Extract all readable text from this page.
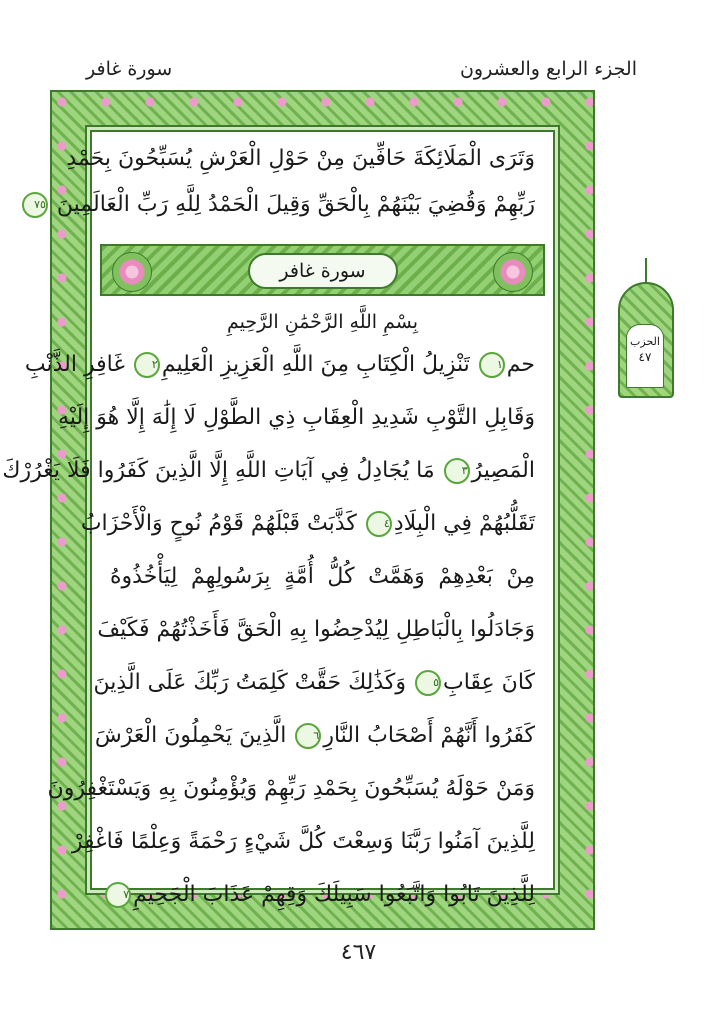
سورة غافر	الجزء الرابع والعشرون
وَتَرَى الْمَلَائِكَةَ حَافِّينَ مِنْ حَوْلِ الْعَرْشِ يُسَبِّحُونَ بِحَمْدِ
رَبِّهِمْ وَقُضِيَ بَيْنَهُمْ بِالْحَقِّ وَقِيلَ الْحَمْدُ لِلَّهِ رَبِّ الْعَالَمِينَ ٧٥
سورة غافر
بِسْمِ اللَّهِ الرَّحْمَٰنِ الرَّحِيمِ
حم١ تَنْزِيلُ الْكِتَابِ مِنَ اللَّهِ الْعَزِيزِ الْعَلِيمِ٢ غَافِرِ الذَّنْبِ
وَقَابِلِ التَّوْبِ شَدِيدِ الْعِقَابِ ذِي الطَّوْلِ لَا إِلَٰهَ إِلَّا هُوَ إِلَيْهِ
الْمَصِيرُ٣ مَا يُجَادِلُ فِي آيَاتِ اللَّهِ إِلَّا الَّذِينَ كَفَرُوا فَلَا يَغْرُرْكَ
تَقَلُّبُهُمْ فِي الْبِلَادِ٤ كَذَّبَتْ قَبْلَهُمْ قَوْمُ نُوحٍ وَالْأَحْزَابُ
مِنْ بَعْدِهِمْ وَهَمَّتْ كُلُّ أُمَّةٍ بِرَسُولِهِمْ لِيَأْخُذُوهُ
وَجَادَلُوا بِالْبَاطِلِ لِيُدْحِضُوا بِهِ الْحَقَّ فَأَخَذْتُهُمْ فَكَيْفَ
كَانَ عِقَابِ٥ وَكَذَٰلِكَ حَقَّتْ كَلِمَتُ رَبِّكَ عَلَى الَّذِينَ
كَفَرُوا أَنَّهُمْ أَصْحَابُ النَّارِ٦ الَّذِينَ يَحْمِلُونَ الْعَرْشَ
وَمَنْ حَوْلَهُ يُسَبِّحُونَ بِحَمْدِ رَبِّهِمْ وَيُؤْمِنُونَ بِهِ وَيَسْتَغْفِرُونَ
لِلَّذِينَ آمَنُوا رَبَّنَا وَسِعْتَ كُلَّ شَيْءٍ رَحْمَةً وَعِلْمًا فَاغْفِرْ
لِلَّذِينَ تَابُوا وَاتَّبَعُوا سَبِيلَكَ وَقِهِمْ عَذَابَ الْجَحِيمِ٧
الحزب
٤٧
٤٦٧
